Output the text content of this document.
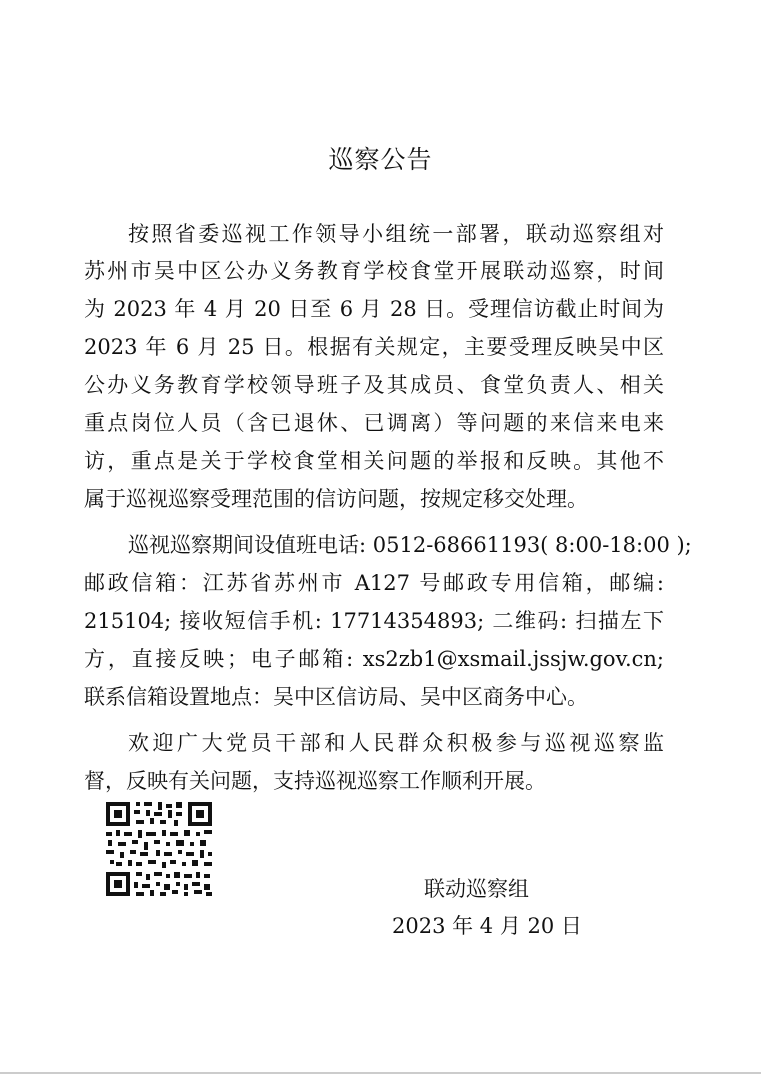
巡察公告
按照省委巡视工作领导小组统一部署，联动巡察组对
苏州市吴中区公办义务教育学校食堂开展联动巡察，时间
为 2023 年 4 月 20 日至 6 月 28 日。受理信访截止时间为
2023 年 6 月 25 日。根据有关规定，主要受理反映吴中区
公办义务教育学校领导班子及其成员、食堂负责人、相关
重点岗位人员（含已退休、已调离）等问题的来信来电来
访，重点是关于学校食堂相关问题的举报和反映。其他不
属于巡视巡察受理范围的信访问题，按规定移交处理。
巡视巡察期间设值班电话: 0512-68661193( 8:00-18:00 );
邮政信箱：江苏省苏州市 A127 号邮政专用信箱，邮编:
215104; 接收短信手机: 17714354893; 二维码: 扫描左下
方，直接反映；电子邮箱: xs2zb1@xsmail.jssjw.gov.cn;
联系信箱设置地点：吴中区信访局、吴中区商务中心。
欢迎广大党员干部和人民群众积极参与巡视巡察监
督，反映有关问题，支持巡视巡察工作顺利开展。
联动巡察组
2023 年 4 月 20 日
